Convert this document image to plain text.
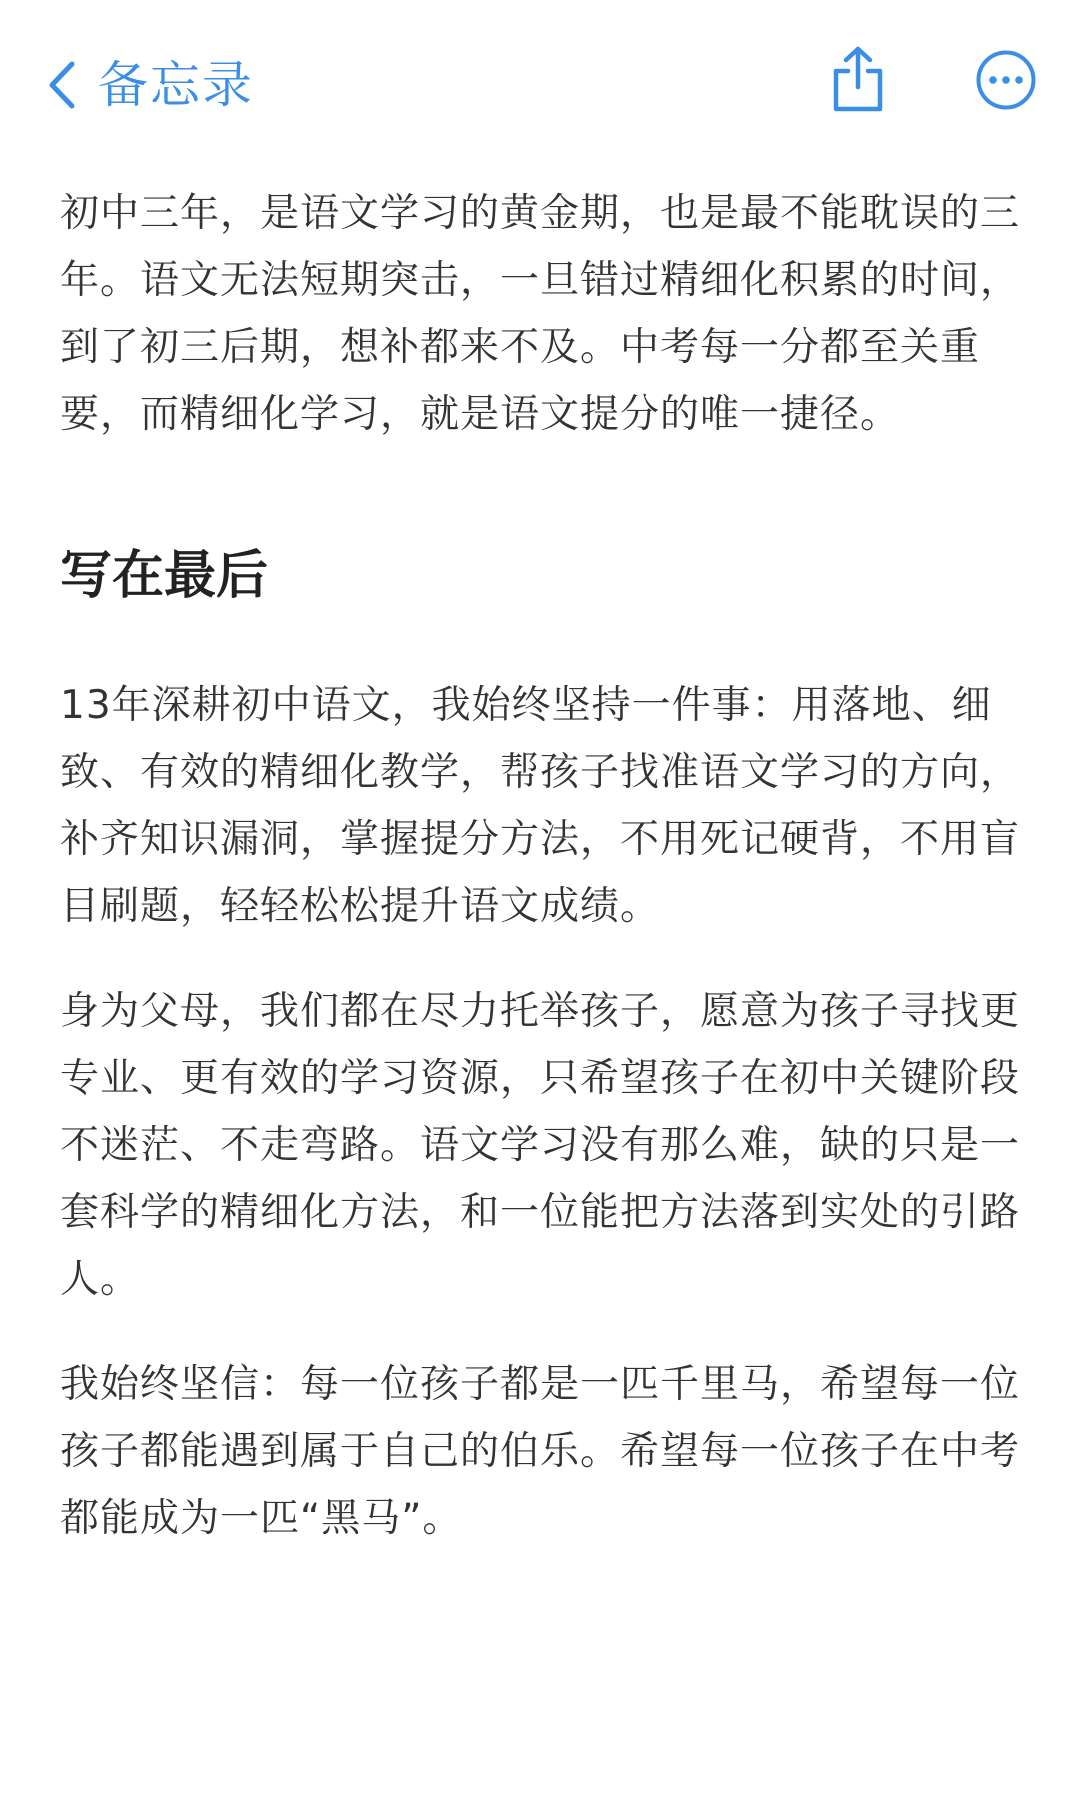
备忘录

初中三年，是语文学习的黄金期，也是最不能耽误的三年。语文无法短期突击，一旦错过精细化积累的时间，到了初三后期，想补都来不及。中考每一分都至关重要，而精细化学习，就是语文提分的唯一捷径。

写在最后

13年深耕初中语文，我始终坚持一件事：用落地、细致、有效的精细化教学，帮孩子找准语文学习的方向，补齐知识漏洞，掌握提分方法，不用死记硬背，不用盲目刷题，轻轻松松提升语文成绩。

身为父母，我们都在尽力托举孩子，愿意为孩子寻找更专业、更有效的学习资源，只希望孩子在初中关键阶段不迷茫、不走弯路。语文学习没有那么难，缺的只是一套科学的精细化方法，和一位能把方法落到实处的引路人。

我始终坚信：每一位孩子都是一匹千里马，希望每一位孩子都能遇到属于自己的伯乐。希望每一位孩子在中考都能成为一匹“黑马”。
